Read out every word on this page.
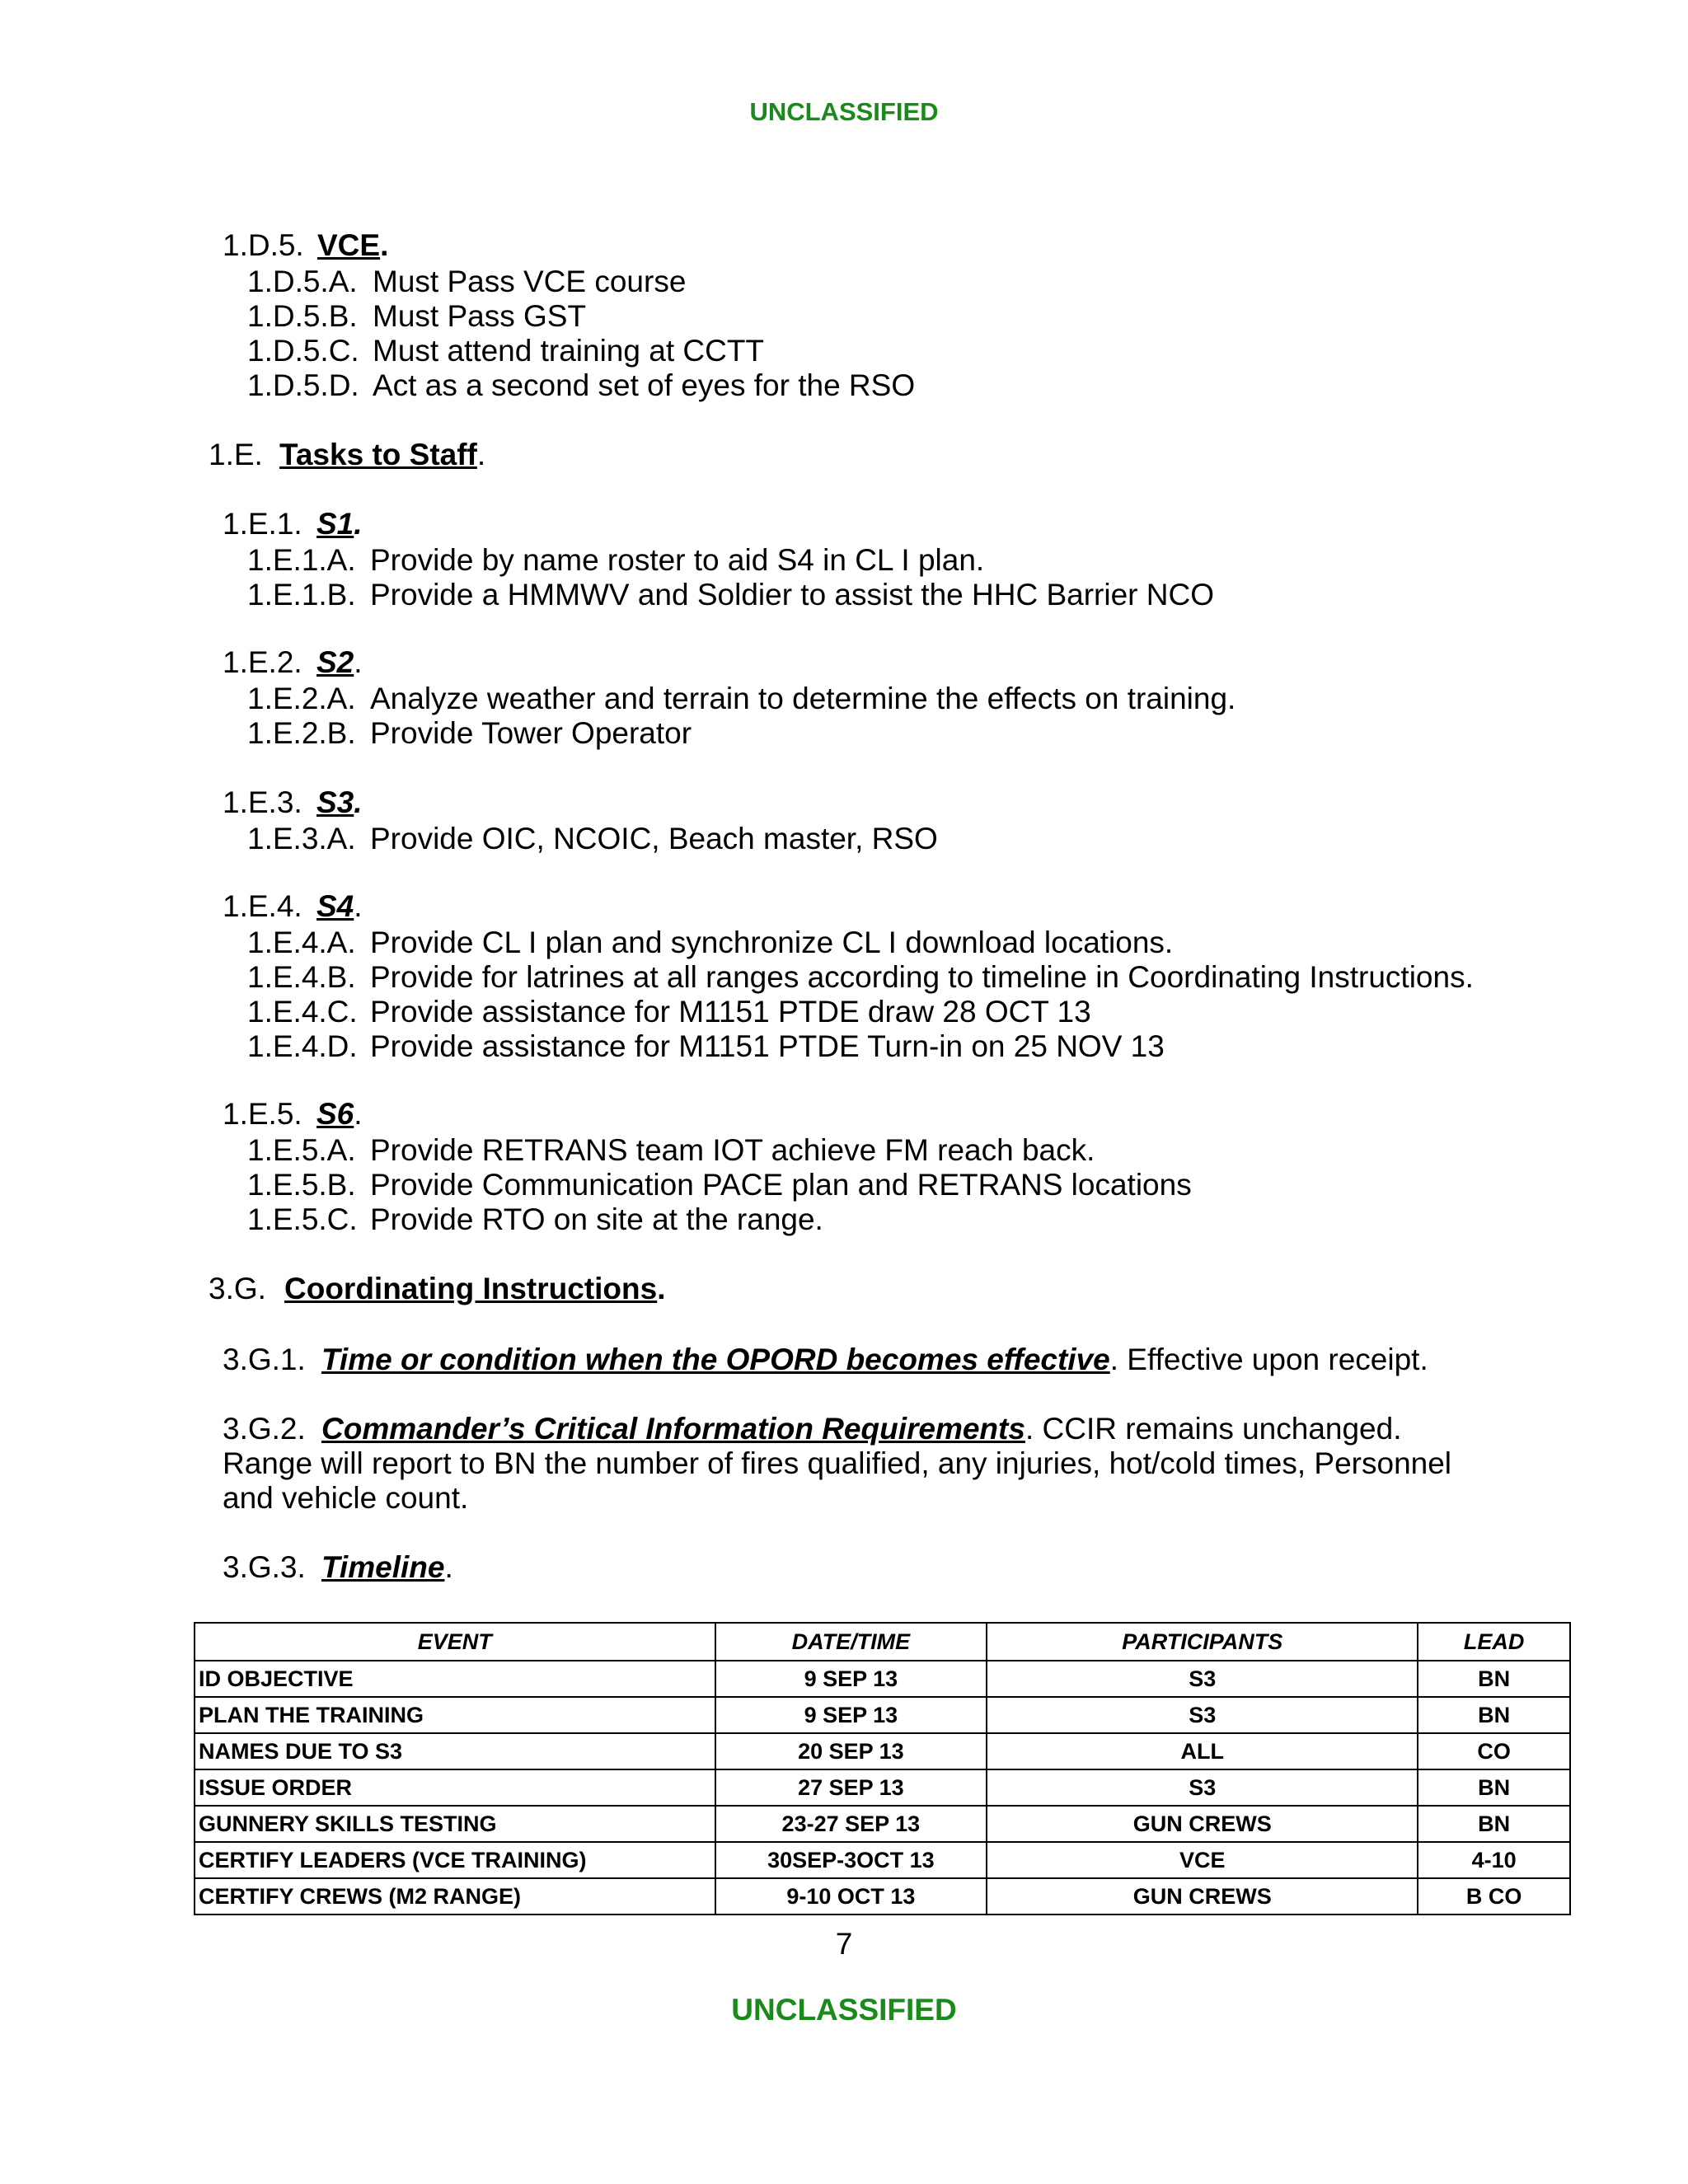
UNCLASSIFIED
1.D.5. VCE.
1.D.5.A. Must Pass VCE course
1.D.5.B. Must Pass GST
1.D.5.C. Must attend training at CCTT
1.D.5.D. Act as a second set of eyes for the RSO
1.E. Tasks to Staff.
1.E.1. S1.
1.E.1.A. Provide by name roster to aid S4 in CL I plan.
1.E.1.B. Provide a HMMWV and Soldier to assist the HHC Barrier NCO
1.E.2. S2.
1.E.2.A. Analyze weather and terrain to determine the effects on training.
1.E.2.B. Provide Tower Operator
1.E.3. S3.
1.E.3.A. Provide OIC, NCOIC, Beach master, RSO
1.E.4. S4.
1.E.4.A. Provide CL I plan and synchronize CL I download locations.
1.E.4.B. Provide for latrines at all ranges according to timeline in Coordinating Instructions.
1.E.4.C. Provide assistance for M1151 PTDE draw 28 OCT 13
1.E.4.D. Provide assistance for M1151 PTDE Turn-in on 25 NOV 13
1.E.5. S6.
1.E.5.A. Provide RETRANS team IOT achieve FM reach back.
1.E.5.B. Provide Communication PACE plan and RETRANS locations
1.E.5.C. Provide RTO on site at the range.
3.G. Coordinating Instructions.
3.G.1. Time or condition when the OPORD becomes effective. Effective upon receipt.
3.G.2. Commander’s Critical Information Requirements. CCIR remains unchanged.
Range will report to BN the number of fires qualified, any injuries, hot/cold times, Personnel
and vehicle count.
3.G.3. Timeline.
EVENT	DATE/TIME	PARTICIPANTS	LEAD
ID OBJECTIVE	9 SEP 13	S3	BN
PLAN THE TRAINING	9 SEP 13	S3	BN
NAMES DUE TO S3	20 SEP 13	ALL	CO
ISSUE ORDER	27 SEP 13	S3	BN
GUNNERY SKILLS TESTING	23-27 SEP 13	GUN CREWS	BN
CERTIFY LEADERS (VCE TRAINING)	30SEP-3OCT 13	VCE	4-10
CERTIFY CREWS (M2 RANGE)	9-10 OCT 13	GUN CREWS	B CO
7
UNCLASSIFIED
